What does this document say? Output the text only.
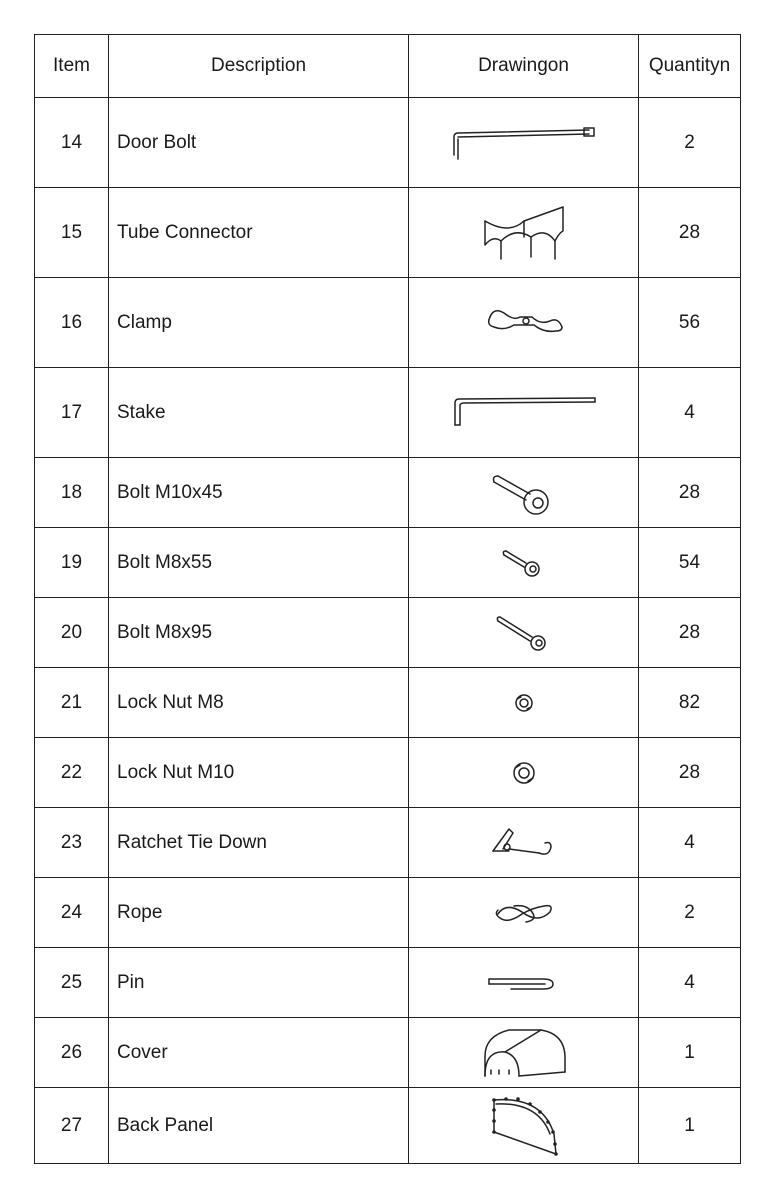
Item	Description	Drawingon	Quantityn
14	Door Bolt		2
15	Tube Connector		28
16	Clamp		56
17	Stake		4
18	Bolt M10x45		28
19	Bolt M8x55		54
20	Bolt M8x95		28
21	Lock Nut M8		82
22	Lock Nut M10		28
23	Ratchet Tie Down		4
24	Rope		2
25	Pin		4
26	Cover		1
27	Back Panel		1
